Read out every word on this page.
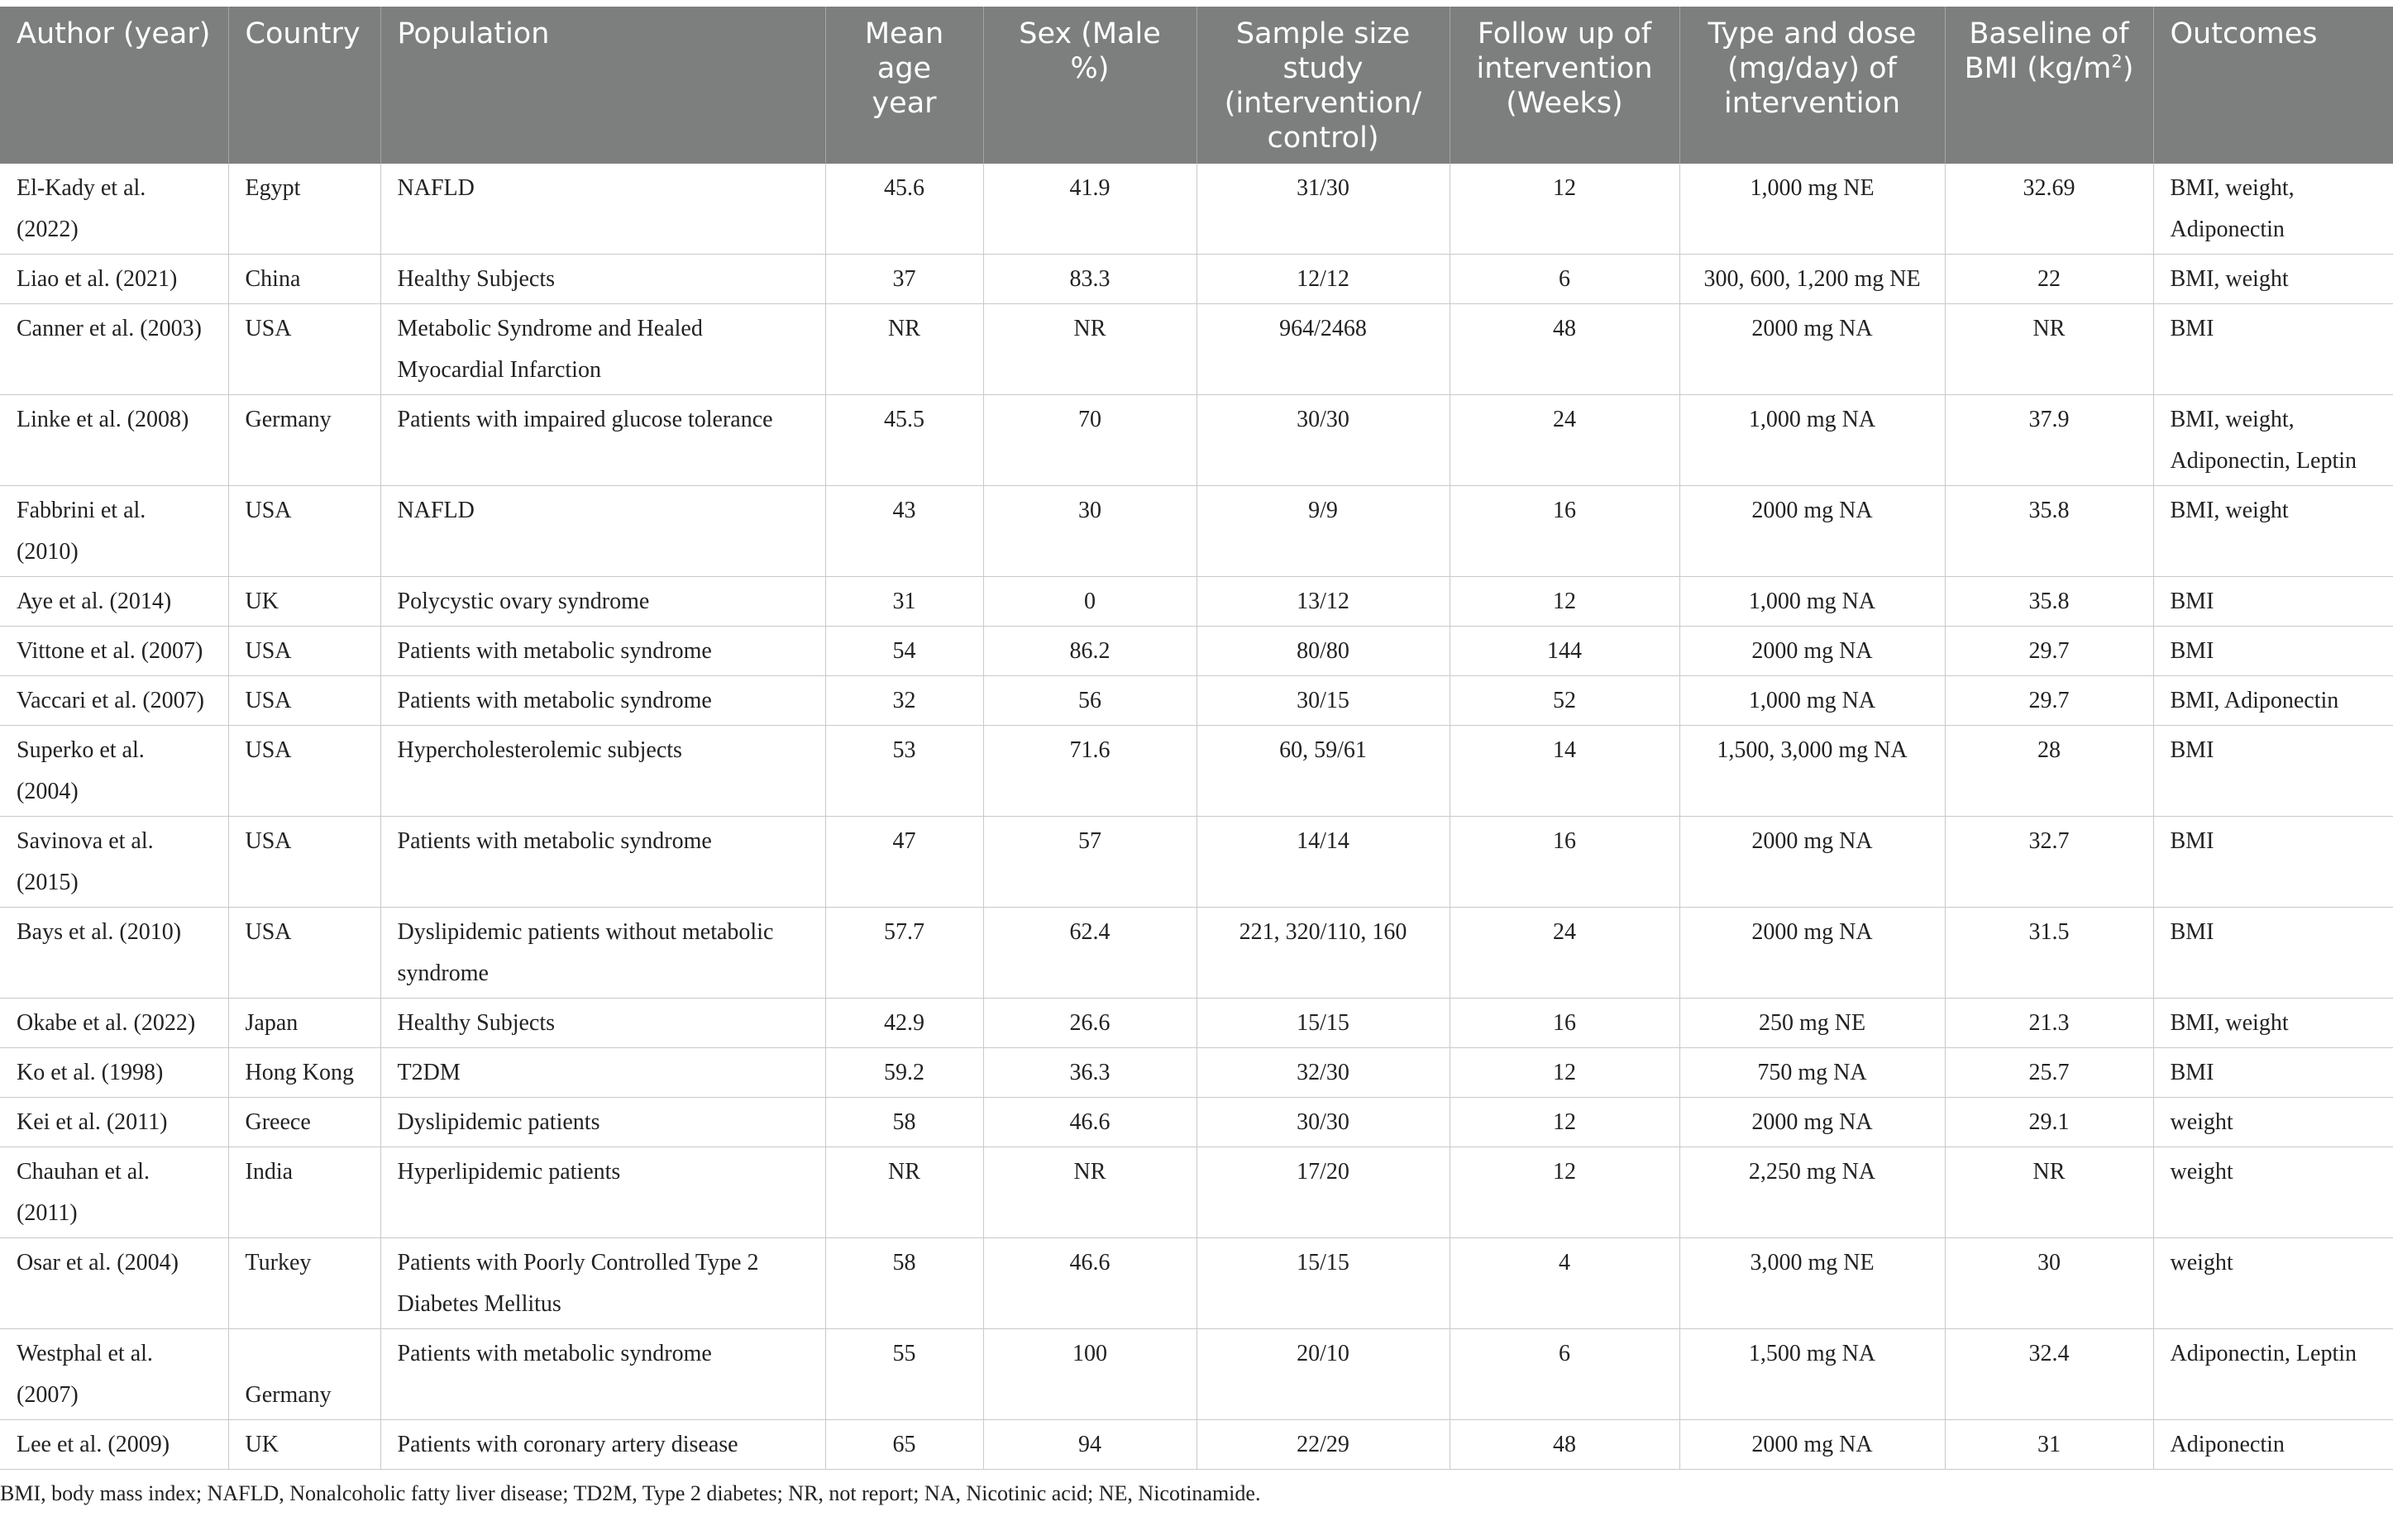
Author (year)	Country	Population	Mean age year	Sex (Male %)	Sample size study (intervention/ control)	Follow up of intervention (Weeks)	Type and dose (mg/day) of intervention	Baseline of BMI $(kg/m^2)$	Outcomes
El-Kady et al. (2022)	Egypt	NAFLD	45.6	41.9	31/30	12	1,000 mg NE	32.69	BMI, weight, Adiponectin
Liao et al. (2021)	China	Healthy Subjects	37	83.3	12/12	6	300, 600, 1,200 mg NE	22	BMI, weight
Canner et al. (2003)	USA	Metabolic Syndrome and Healed Myocardial Infarction	NR	NR	964/2468	48	2000 mg NA	NR	BMI
Linke et al. (2008)	Germany	Patients with impaired glucose tolerance	45.5	70	30/30	24	1,000 mg NA	37.9	BMI, weight, Adiponectin, Leptin
Fabbrini et al. (2010)	USA	NAFLD	43	30	9/9	16	2000 mg NA	35.8	BMI, weight
Aye et al. (2014)	UK	Polycystic ovary syndrome	31	0	13/12	12	1,000 mg NA	35.8	BMI
Vittone et al. (2007)	USA	Patients with metabolic syndrome	54	86.2	80/80	144	2000 mg NA	29.7	BMI
Vaccari et al. (2007)	USA	Patients with metabolic syndrome	32	56	30/15	52	1,000 mg NA	29.7	BMI, Adiponectin
Superko et al. (2004)	USA	Hypercholesterolemic subjects	53	71.6	60, 59/61	14	1,500, 3,000 mg NA	28	BMI
Savinova et al. (2015)	USA	Patients with metabolic syndrome	47	57	14/14	16	2000 mg NA	32.7	BMI
Bays et al. (2010)	USA	Dyslipidemic patients without metabolic syndrome	57.7	62.4	221, 320/110, 160	24	2000 mg NA	31.5	BMI
Okabe et al. (2022)	Japan	Healthy Subjects	42.9	26.6	15/15	16	250 mg NE	21.3	BMI, weight
Ko et al. (1998)	Hong Kong	T2DM	59.2	36.3	32/30	12	750 mg NA	25.7	BMI
Kei et al. (2011)	Greece	Dyslipidemic patients	58	46.6	30/30	12	2000 mg NA	29.1	weight
Chauhan et al. (2011)	India	Hyperlipidemic patients	NR	NR	17/20	12	2,250 mg NA	NR	weight
Osar et al. (2004)	Turkey	Patients with Poorly Controlled Type 2 Diabetes Mellitus	58	46.6	15/15	4	3,000 mg NE	30	weight
Westphal et al. (2007)	Germany	Patients with metabolic syndrome	55	100	20/10	6	1,500 mg NA	32.4	Adiponectin, Leptin
Lee et al. (2009)	UK	Patients with coronary artery disease	65	94	22/29	48	2000 mg NA	31	Adiponectin

BMI, body mass index; NAFLD, Nonalcoholic fatty liver disease; TD2M, Type 2 diabetes; NR, not report; NA, Nicotinic acid; NE, Nicotinamide.
